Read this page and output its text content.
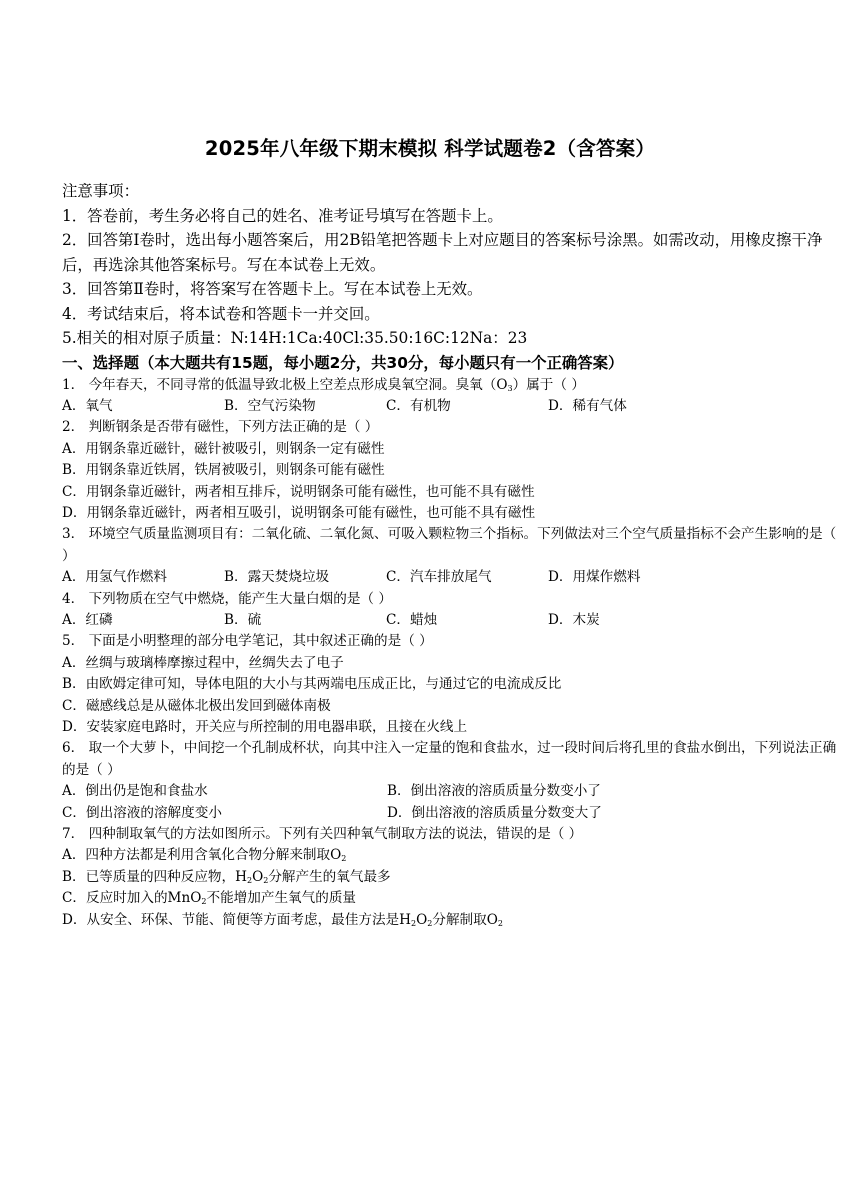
2025年八年级下期末模拟 科学试题卷2（含答案）
注意事项：
1．答卷前，考生务必将自己的姓名、准考证号填写在答题卡上。
2．回答第Ⅰ卷时，选出每小题答案后，用2B铅笔把答题卡上对应题目的答案标号涂黑。如需改动，用橡皮擦干净后，再选涂其他答案标号。写在本试卷上无效。
3．回答第Ⅱ卷时，将答案写在答题卡上。写在本试卷上无效。
4．考试结束后，将本试卷和答题卡一并交回。
5.相关的相对原子质量：N:14H:1Ca:40Cl:35.50:16C:12Na：23
一、选择题（本大题共有15题，每小题2分，共30分，每小题只有一个正确答案）
1． 今年春天，不同寻常的低温导致北极上空差点形成臭氧空洞。臭氧$(O_3)$属于（ ）
A．氧气	B．空气污染物	C．有机物	D．稀有气体
2． 判断钢条是否带有磁性，下列方法正确的是（ ）
A．用钢条靠近磁针，磁针被吸引，则钢条一定有磁性
B．用钢条靠近铁屑，铁屑被吸引，则钢条可能有磁性
C．用钢条靠近磁针，两者相互排斥，说明钢条可能有磁性，也可能不具有磁性
D．用钢条靠近磁针，两者相互吸引，说明钢条可能有磁性，也可能不具有磁性
3． 环境空气质量监测项目有：二氧化硫、二氧化氮、可吸入颗粒物三个指标。下列做法对三个空气质量指标不会产生影响的是（ ）
A．用氢气作燃料	B．露天焚烧垃圾	C．汽车排放尾气	D．用煤作燃料
4． 下列物质在空气中燃烧，能产生大量白烟的是（ ）
A．红磷	B．硫	C．蜡烛	D．木炭
5． 下面是小明整理的部分电学笔记，其中叙述正确的是（ ）
A．丝绸与玻璃棒摩擦过程中，丝绸失去了电子
B．由欧姆定律可知，导体电阻的大小与其两端电压成正比，与通过它的电流成反比
C．磁感线总是从磁体北极出发回到磁体南极
D．安装家庭电路时，开关应与所控制的用电器串联，且接在火线上
6． 取一个大萝卜，中间挖一个孔制成杯状，向其中注入一定量的饱和食盐水，过一段时间后将孔里的食盐水倒出，下列说法正确的是（ ）
A．倒出仍是饱和食盐水	B．倒出溶液的溶质质量分数变小了
C．倒出溶液的溶解度变小	D．倒出溶液的溶质质量分数变大了
7． 四种制取氧气的方法如图所示。下列有关四种氧气制取方法的说法，错误的是（ ）
A．四种方法都是利用含氧化合物分解来制取$O_2$
B．已等质量的四种反应物，$H_2O_2$分解产生的氧气最多
C．反应时加入的MnO$_2$不能增加产生氧气的质量
D．从安全、环保、节能、简便等方面考虑，最佳方法是$H_2O_2$分解制取$O_2$
